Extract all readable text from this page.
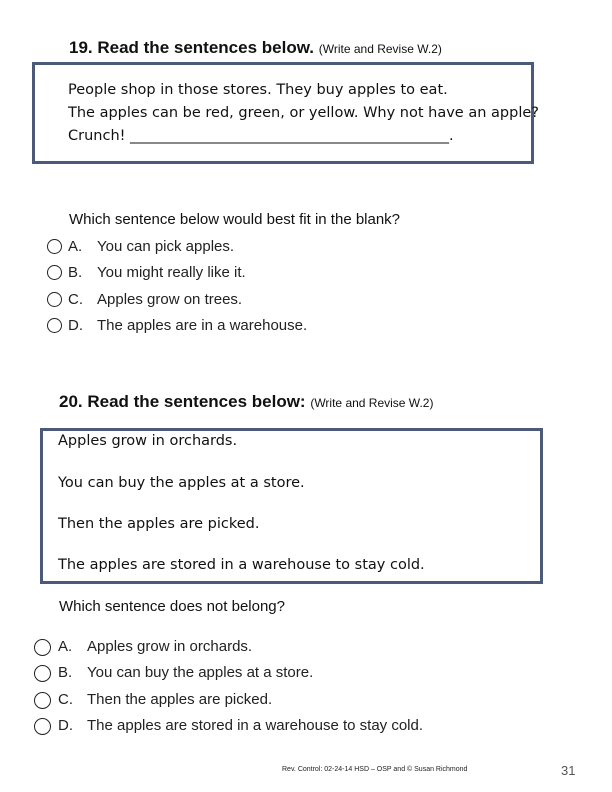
19. Read the sentences below. (Write and Revise W.2)
People shop in those stores. They buy apples to eat.
The apples can be red, green, or yellow. Why not have an apple?
Crunch! ____________________________________________.
Which sentence below would best fit in the blank?
A. You can pick apples.
B. You might really like it.
C. Apples grow on trees.
D. The apples are in a warehouse.
20. Read the sentences below: (Write and Revise W.2)
Apples grow in orchards.
You can buy the apples at a store.
Then the apples are picked.
The apples are stored in a warehouse to stay cold.
Which sentence does not belong?
A. Apples grow in orchards.
B. You can buy the apples at a store.
C. Then the apples are picked.
D. The apples are stored in a warehouse to stay cold.
Rev. Control: 02-24-14 HSD – OSP and © Susan Richmond	31
